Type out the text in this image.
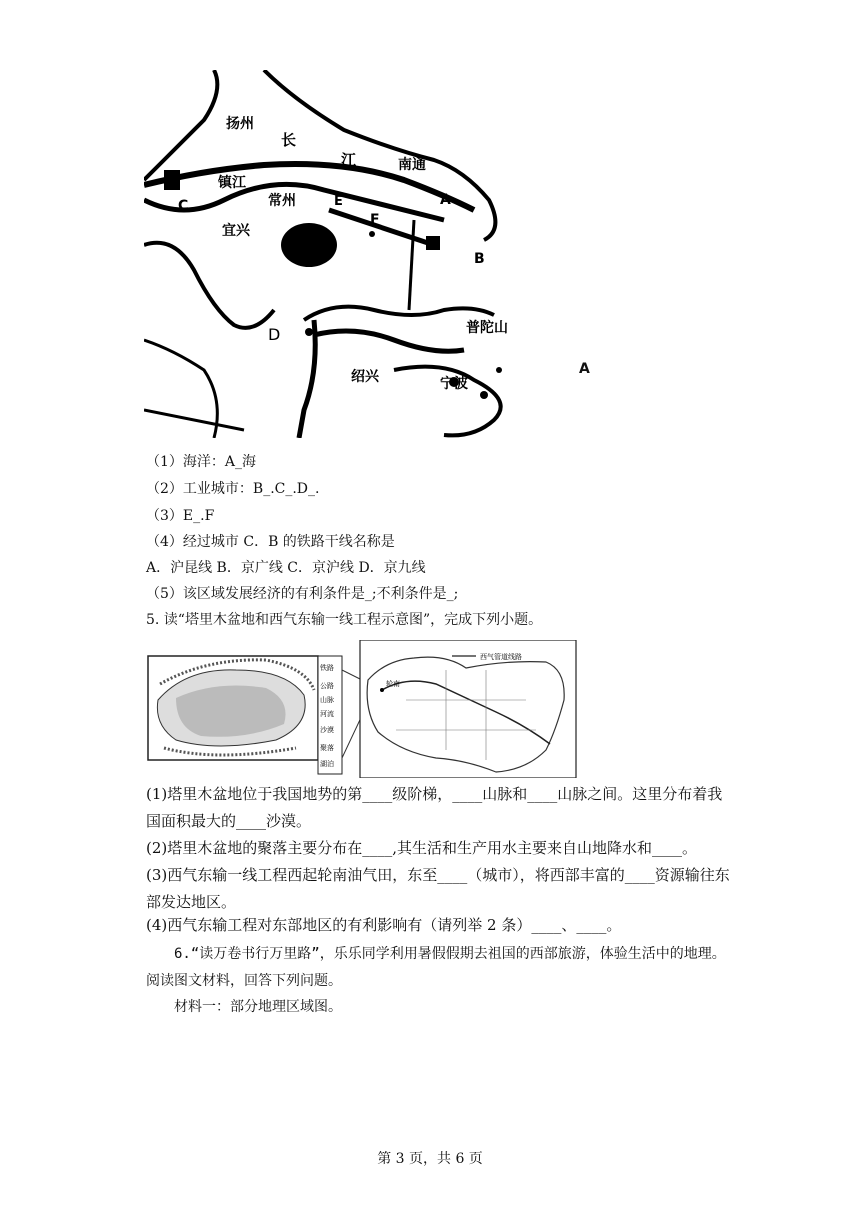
扬州
长
江	南通
镇江
常州
宜兴
普陀山
绍兴	宁波
A
B
C
D
E
F
A
（1）海洋：A_海
（2）工业城市：B_.C_.D_.
（3）E_.F
（4）经过城市 C．B 的铁路干线名称是
A．沪昆线 B．京广线 C．京沪线 D．京九线
（5）该区域发展经济的有利条件是_;不利条件是_;
5. 读“塔里木盆地和西气东输一线工程示意图”，完成下列小题。
铁路
公路
山脉
河流
沙漠
聚落
湖泊
西气管道线路
轮南
(1)塔里木盆地位于我国地势的第____级阶梯，____山脉和____山脉之间。这里分布着我国面积最大的____沙漠。
(2)塔里木盆地的聚落主要分布在____,其生活和生产用水主要来自山地降水和____。
(3)西气东输一线工程西起轮南油气田，东至____（城市），将西部丰富的____资源输往东部发达地区。
(4)西气东输工程对东部地区的有利影响有（请列举 2 条）____、____。
6.“读万卷书行万里路”，乐乐同学利用暑假假期去祖国的西部旅游，体验生活中的地理。阅读图文材料，回答下列问题。
材料一：部分地理区域图。
第 3 页，共 6 页
